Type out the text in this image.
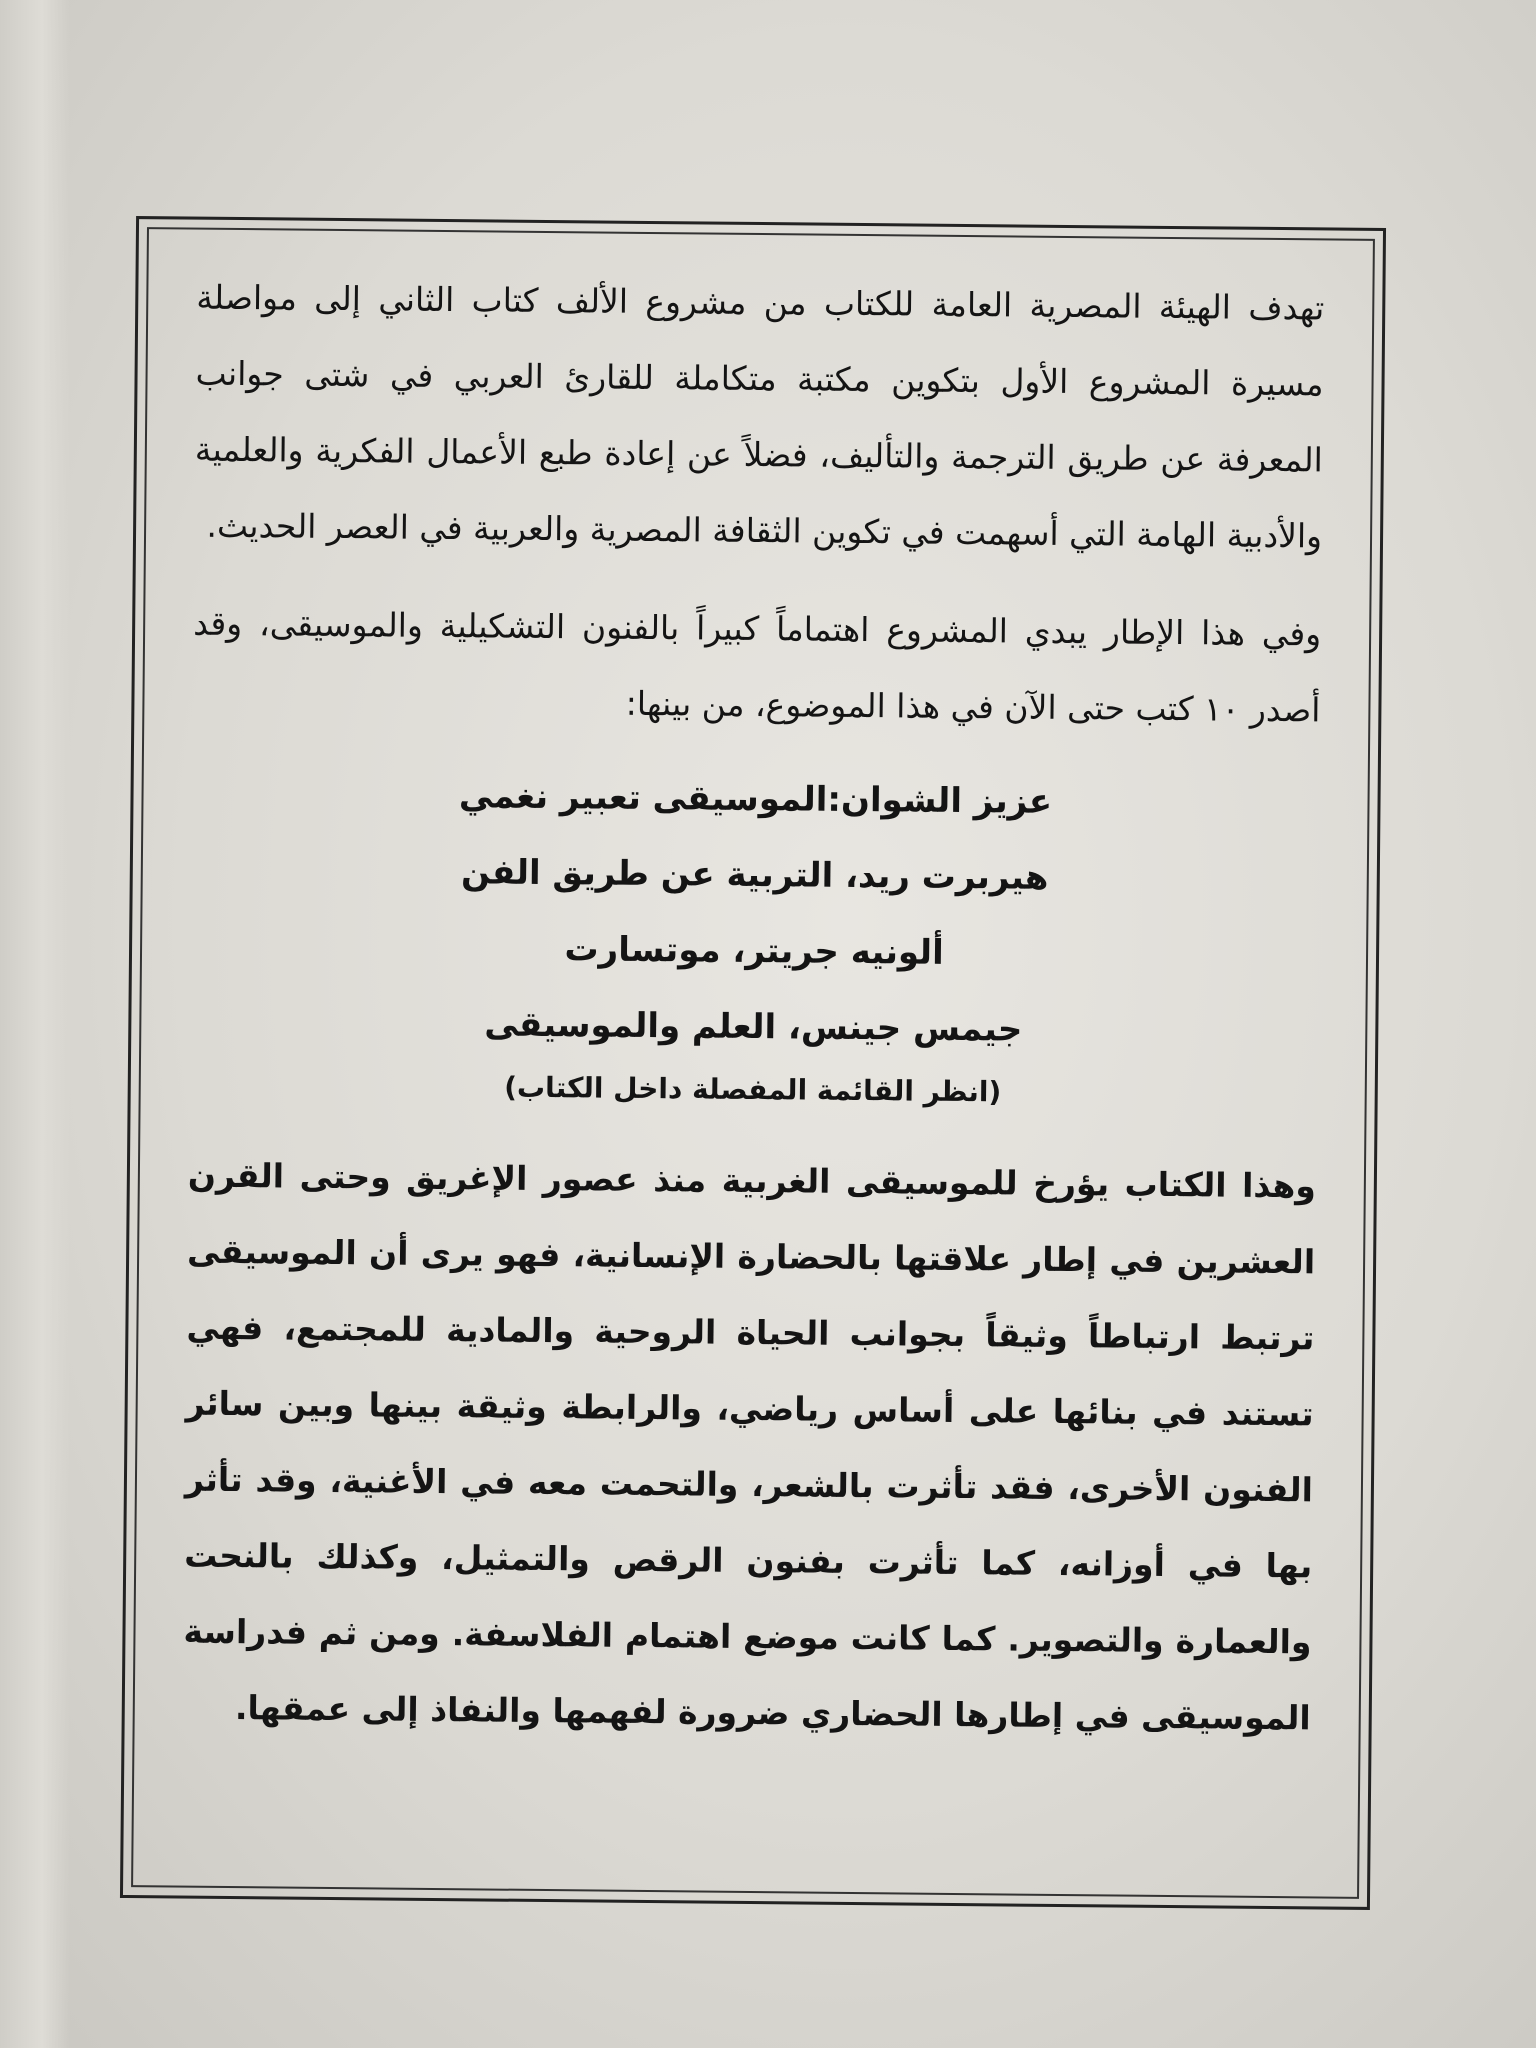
تهدف الهيئة المصرية العامة للكتاب من مشروع الألف كتاب الثاني إلى مواصلة مسيرة المشروع الأول بتكوين مكتبة متكاملة للقارئ العربي في شتى جوانب المعرفة عن طريق الترجمة والتأليف، فضلاً عن إعادة طبع الأعمال الفكرية والعلمية والأدبية الهامة التي أسهمت في تكوين الثقافة المصرية والعربية في العصر الحديث.

وفي هذا الإطار يبدي المشروع اهتماماً كبيراً بالفنون التشكيلية والموسيقى، وقد أصدر ١٠ كتب حتى الآن في هذا الموضوع، من بينها:

عزيز الشوان:الموسيقى تعبير نغمي
هيربرت ريد، التربية عن طريق الفن
ألونيه جريتر، موتسارت
جيمس جينس، العلم والموسيقى

(انظر القائمة المفصلة داخل الكتاب)

وهذا الكتاب يؤرخ للموسيقى الغربية منذ عصور الإغريق وحتى القرن العشرين في إطار علاقتها بالحضارة الإنسانية، فهو يرى أن الموسيقى ترتبط ارتباطاً وثيقاً بجوانب الحياة الروحية والمادية للمجتمع، فهي تستند في بنائها على أساس رياضي، والرابطة وثيقة بينها وبين سائر الفنون الأخرى، فقد تأثرت بالشعر، والتحمت معه في الأغنية، وقد تأثر بها في أوزانه، كما تأثرت بفنون الرقص والتمثيل، وكذلك بالنحت والعمارة والتصوير. كما كانت موضع اهتمام الفلاسفة. ومن ثم فدراسة الموسيقى في إطارها الحضاري ضرورة لفهمها والنفاذ إلى عمقها.
